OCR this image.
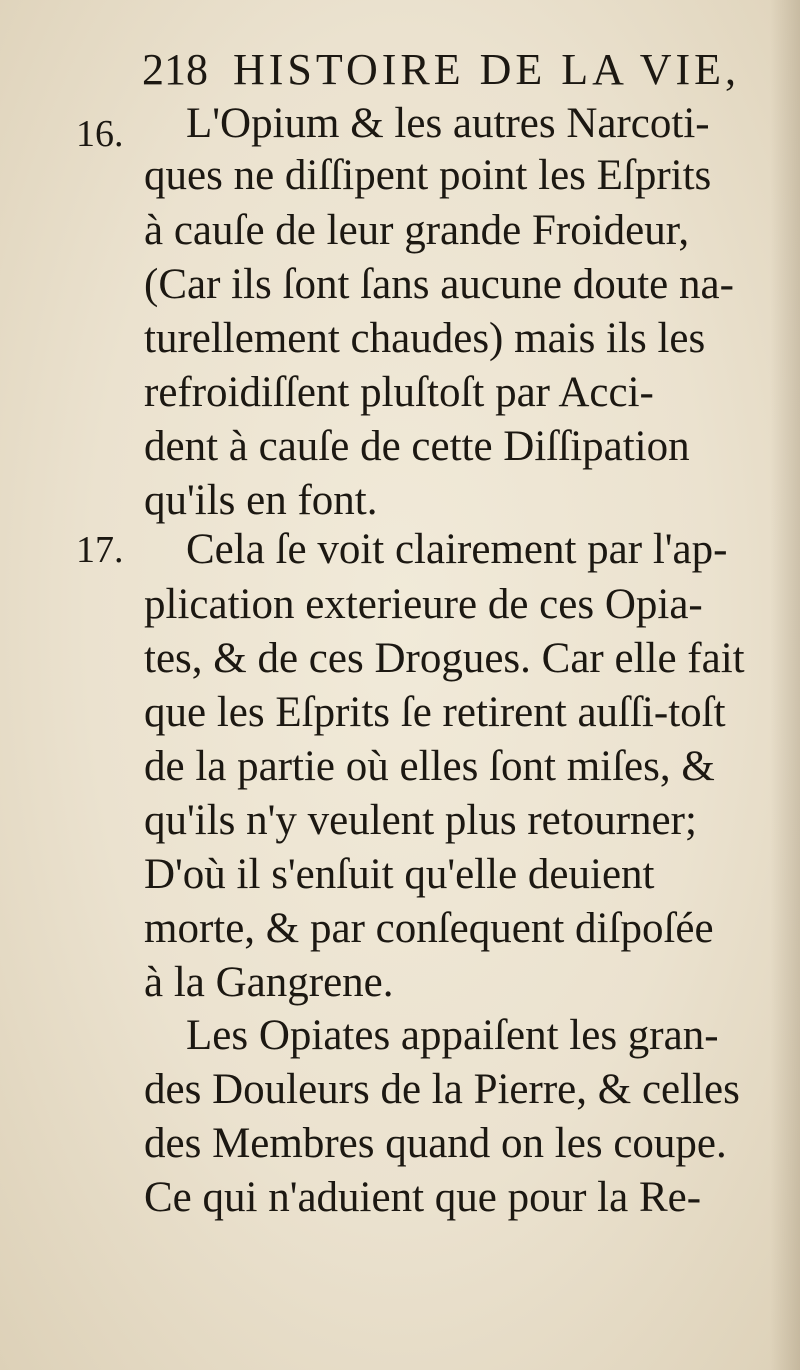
218 HISTOIRE DE LA VIE,
16. L'Opium & les autres Narcoti-
ques ne diſſipent point les Eſprits
à cauſe de leur grande Froideur,
(Car ils ſont ſans aucune doute na-
turellement chaudes) mais ils les
refroidiſſent pluſtoſt par Acci-
dent à cauſe de cette Diſſipation
qu'ils en font.
17. Cela ſe voit clairement par l'ap-
plication exterieure de ces Opia-
tes, & de ces Drogues. Car elle fait
que les Eſprits ſe retirent auſſi-toſt
de la partie où elles ſont miſes, &
qu'ils n'y veulent plus retourner;
D'où il s'enſuit qu'elle deuient
morte, & par conſequent diſpoſée
à la Gangrene.
Les Opiates appaiſent les gran-
des Douleurs de la Pierre, & celles
des Membres quand on les coupe.
Ce qui n'aduient que pour la Re-
